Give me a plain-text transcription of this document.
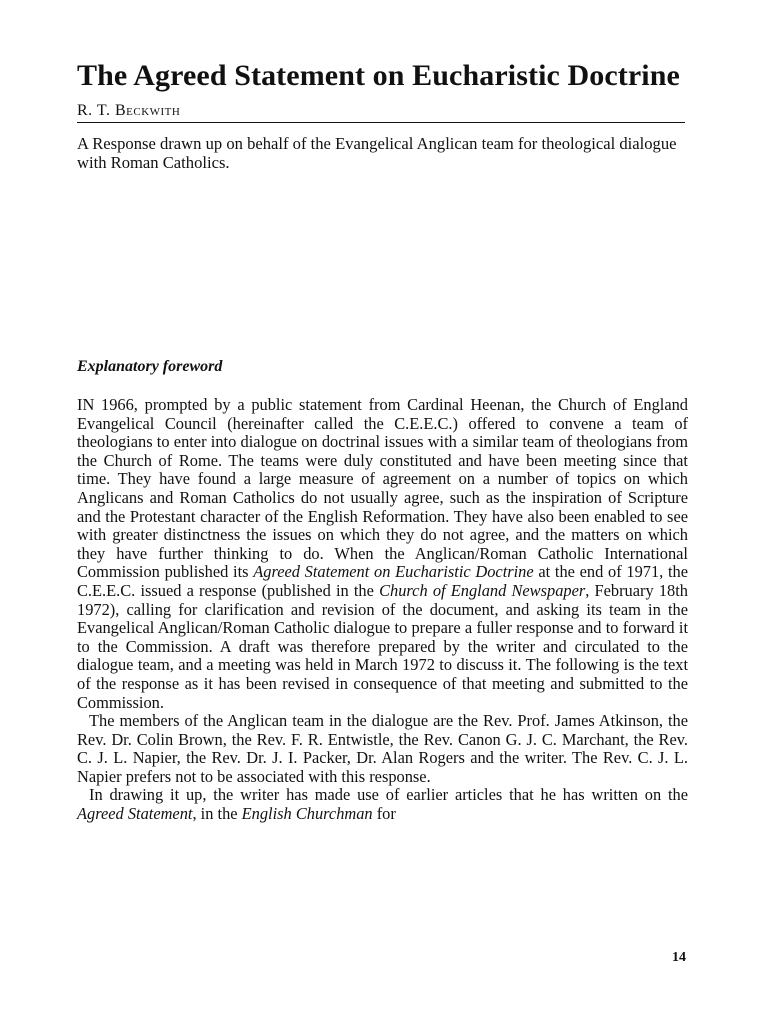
The Agreed Statement on Eucharistic Doctrine
R. T. Beckwith
A Response drawn up on behalf of the Evangelical Anglican team for theological dialogue with Roman Catholics.
Explanatory foreword

IN 1966, prompted by a public statement from Cardinal Heenan, the Church of England Evangelical Council (hereinafter called the C.E.E.C.) offered to convene a team of theologians to enter into dialogue on doctrinal issues with a similar team of theologians from the Church of Rome. The teams were duly constituted and have been meeting since that time. They have found a large measure of agreement on a number of topics on which Anglicans and Roman Catholics do not usually agree, such as the inspiration of Scripture and the Protestant character of the English Reformation. They have also been enabled to see with greater distinctness the issues on which they do not agree, and the matters on which they have further thinking to do. When the Anglican/Roman Catholic International Commission published its Agreed Statement on Eucharistic Doctrine at the end of 1971, the C.E.E.C. issued a response (published in the Church of England Newspaper, February 18th 1972), calling for clarification and revision of the document, and asking its team in the Evangelical Anglican/Roman Catholic dialogue to prepare a fuller response and to forward it to the Commission. A draft was therefore prepared by the writer and circulated to the dialogue team, and a meeting was held in March 1972 to discuss it. The following is the text of the response as it has been revised in consequence of that meeting and submitted to the Commission.

The members of the Anglican team in the dialogue are the Rev. Prof. James Atkinson, the Rev. Dr. Colin Brown, the Rev. F. R. Entwistle, the Rev. Canon G. J. C. Marchant, the Rev. C. J. L. Napier, the Rev. Dr. J. I. Packer, Dr. Alan Rogers and the writer. The Rev. C. J. L. Napier prefers not to be associated with this response.

In drawing it up, the writer has made use of earlier articles that he has written on the Agreed Statement, in the English Churchman for

14
